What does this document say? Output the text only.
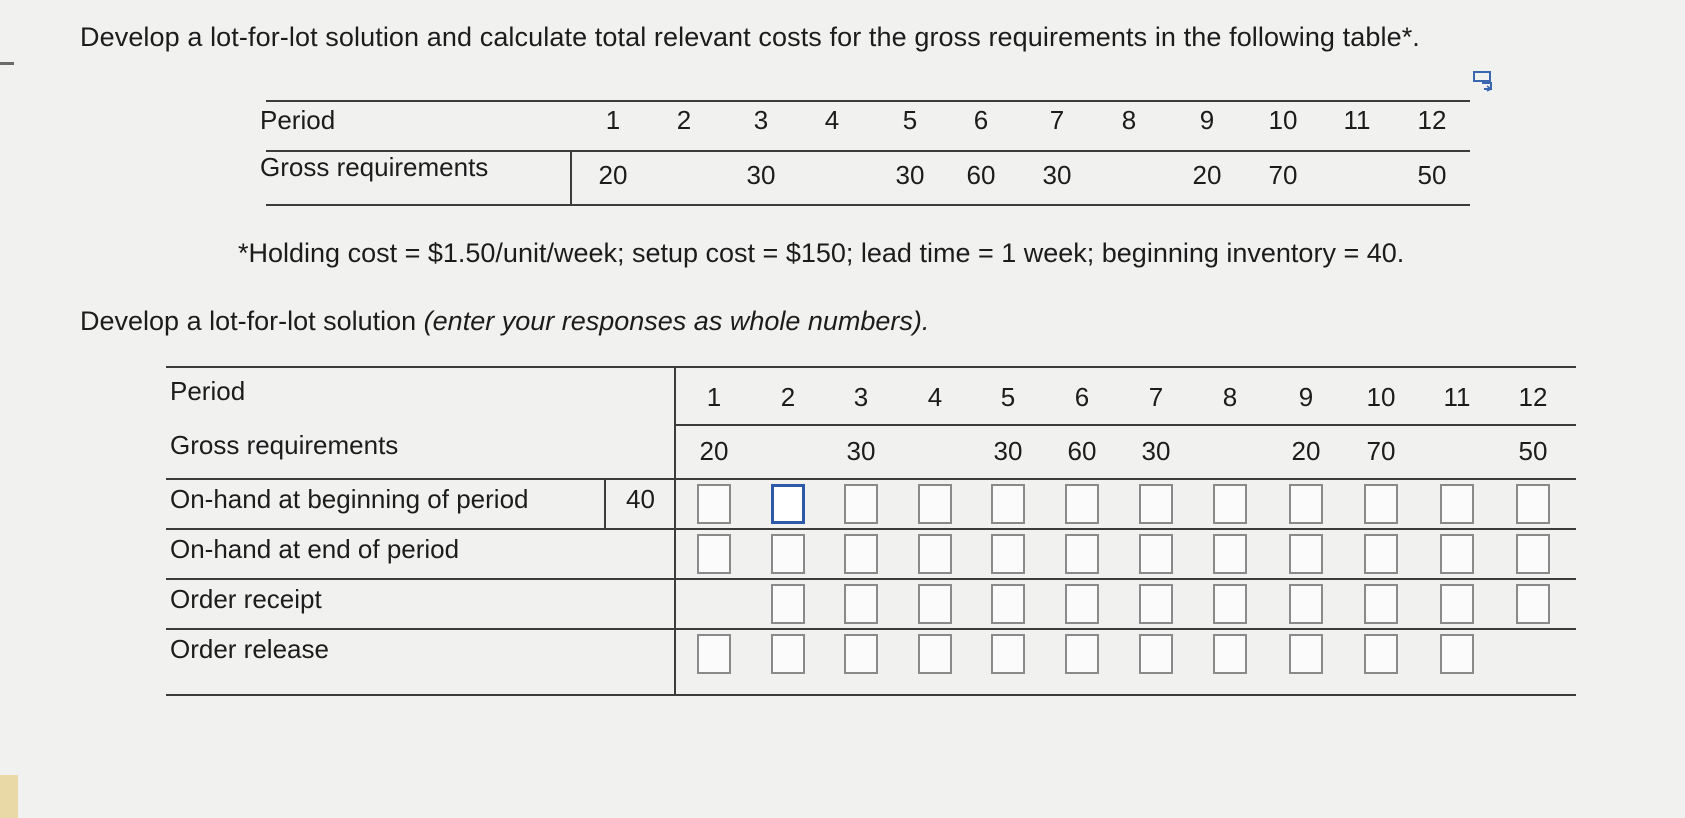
Develop a lot-for-lot solution and calculate total relevant costs for the gross requirements in the following table*.
Period
Gross requirements
1
20
2 3
30
4 5
30
6
60
7
30
8 9
20
10
70
11 12
50
*Holding cost = $1.50/unit/week; setup cost = $150; lead time = 1 week; beginning inventory = 40.
Develop a lot-for-lot solution (enter your responses as whole numbers).
Period
Gross requirements
On-hand at beginning of period	40
On-hand at end of period
Order receipt
Order release
1
20
2 3
30
4 5
30
6
60
7
30
8 9
20
10
70
11 12
50
